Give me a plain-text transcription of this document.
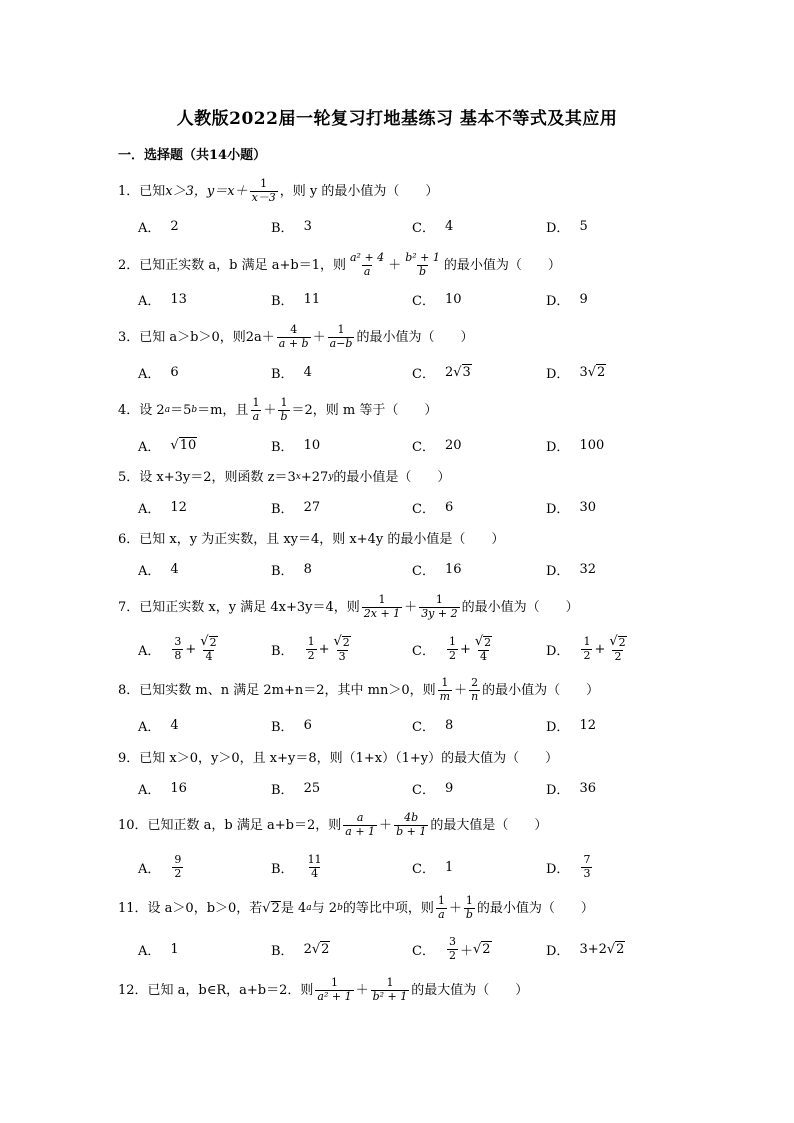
人教版2022届一轮复习打地基练习 基本不等式及其应用
一．选择题（共14小题）
1． 已知 x＞3，$y=x+ \frac{1}{x-3}$ ，则 y 的最小值为（　　）
A． 2	B． 3	C． 4	D． 5
2． 已知正实数 a，b 满足 a+b＝1，则 $\frac{\text{a² + 4}}{a} + \frac{\text{b² + 1}}{b}$ 的最小值为（　　）
A． 13	B． 11	C． 10	D． 9
3． 已知 a＞b＞0，则$2a+ \frac{4}{a + b} + \frac{1}{a-b}$ 的最小值为（　　）
A． 6	B． 4	C． 2 √ 3	D． 3 √ 2
4． 设 2 a ＝5 b ＝m，且 $\frac{1}{a} + \frac{1}{b} =2$，则 m 等于（　　）
A． √ 10	B． 10	C． 20	D． 100
5． 设 x+3y＝2，则函数 z＝3 x +27 y 的最小值是（　　）
A． 12	B． 27	C． 6	D． 30
6． 已知 x，y 为正实数，且 xy＝4，则 x+4y 的最小值是（　　）
A． 4	B． 8	C． 16	D． 32
7． 已知正实数 x，y 满足 4x+3y＝4，则 $\frac{1}{2x + 1} + \frac{1}{3y + 2}$ 的最小值为（　　）
A． $\frac{3}{8} + \frac{√ 2}{4}$	B． $\frac{1}{2} + \frac{√ 2}{3}$	C． $\frac{1}{2} + \frac{√ 2}{4}$	D． $\frac{1}{2} + \frac{√ 2}{2}$
8． 已知实数 m、n 满足 2m+n＝2，其中 mn＞0，则 $\frac{1}{m} + \frac{2}{n}$ 的最小值为（　　）
A． 4	B． 6	C． 8	D． 12
9． 已知 x＞0，y＞0，且 x+y＝8，则（1+x）（1+y）的最大值为（　　）
A． 16	B． 25	C． 9	D． 36
10． 已知正数 a，b 满足 a+b＝2，则 $\frac{a}{a + 1} + \frac{4b}{b + 1}$ 的最大值是（　　）
A． $\frac{9}{2}$	B． $\frac{11}{4}$	C． 1	D． $\frac{7}{3}$
11． 设 a＞0，b＞0，若 √ 2 是 4 a 与 2 b 的等比中项，则 $\frac{1}{a} + \frac{1}{b}$ 的最小值为（　　）
A． 1	B． 2 √ 2	C． $\frac{3}{2}$ ＋ √ 2	D． 3+2 √ 2
12． 已知 a，b∈R，a+b＝2．则 $\frac{1}{\text{a² + 1}} + \frac{1}{\text{b² + 1}}$ 的最大值为（　　）
